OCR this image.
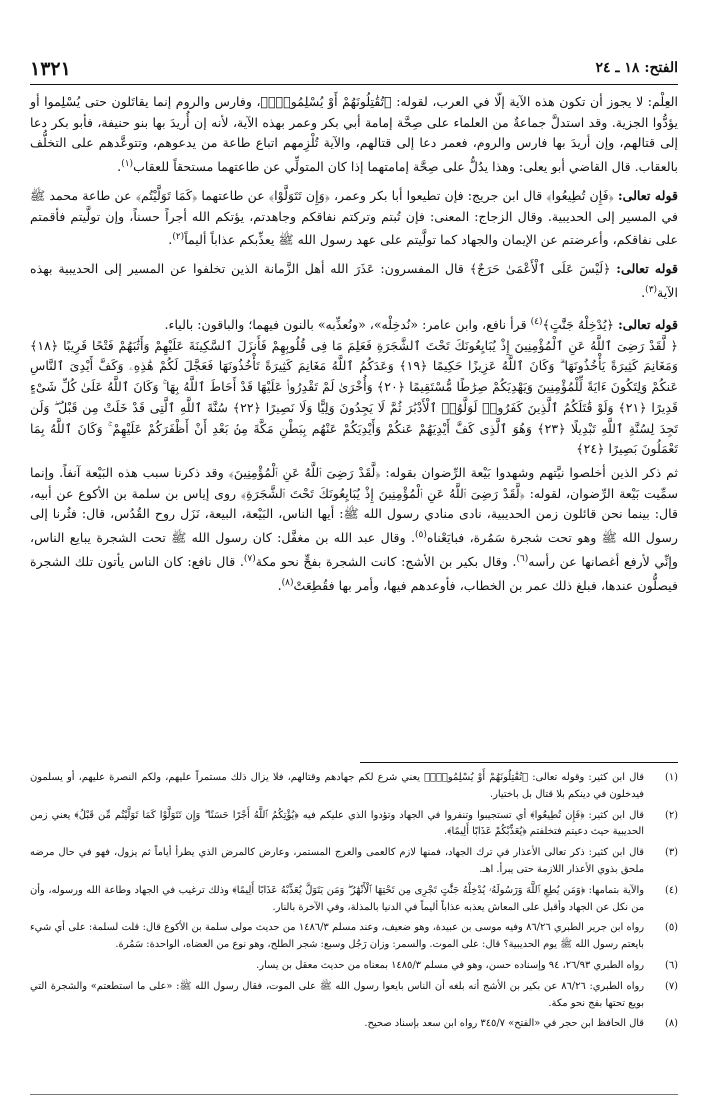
١٣٢١	الفتح: ١٨ ـ ٢٤

العِلْم: لا يجوز أن تكون هذه الآية إلّا في العرب، لقوله: ﴿تُقَٰتِلُونَهُمْ أَوْ يُسْلِمُونَۖ﴾، وفارس والروم إنما يقاتَلون حتى يُسْلِموا أو يؤدُّوا الجزية. وقد استدلَّ جماعةٌ من العلماء على صِحَّة إمامة أبي بكر وعمر بهذه الآية، لأنه إن أُريدَ بها بنو حنيفة، فأبو بكر دعا إلى قتالهم، وإن أريدَ بها فارس والروم، فعمر دعا إلى قتالهم، والآية تُلْزِمهم اتباع طاعة من يدعوهم، وتتوعَّدهم على التخلُّف بالعقاب. قال القاضي أبو يعلى: وهذا يدُلُّ على صِحَّة إمامتهما إذا كان المتولِّي عن طاعتهما مستحقاً للعقاب$^{(١)}$.

قوله تعالى: ﴿فَإِن تُطِيعُوا﴾ قال ابن جريج: فإن تطيعوا أبا بكر وعمر، ﴿وَإِن تَتَوَلَّوْا﴾ عن طاعتهما ﴿كَمَا تَوَلَّيْتُم﴾ عن طاعة محمد ﷺ في المسير إلى الحديبية. وقال الزجاج: المعنى: فإن تُبتم وتركتم نفاقكم وجاهدتم، يؤتكم الله أجراً حسناً، وإن تولَّيتم فأقمتم على نفاقكم، وأعرضتم عن الإيمان والجهاد كما تولَّيتم على عهد رسول الله ﷺ يعذِّبكم عذاباً أليماً$^{(٢)}$.

قوله تعالى: ﴿لَيْسَ عَلَى ٱلْأَعْمَىٰ حَرَجٌ﴾ قال المفسرون: عَذَرَ الله أهل الزَّمانة الذين تخلفوا عن المسير إلى الحديبية بهذه الآية$^{(٣)}$.

قوله تعالى: ﴿يُدْخِلْهُ جَنَّٰتٍ﴾$^{(٤)}$ قرأ نافع، وابن عامر: «نُدخِلْه»، «ونُعذِّبه» بالنون فيهما؛ والباقون: بالياء.

﴿ لَّقَدْ رَضِىَ ٱللَّهُ عَنِ ٱلْمُؤْمِنِينَ إِذْ يُبَايِعُونَكَ تَحْتَ ٱلشَّجَرَةِ فَعَلِمَ مَا فِى قُلُوبِهِمْ فَأَنزَلَ ٱلسَّكِينَةَ عَلَيْهِمْ وَأَثَٰبَهُمْ فَتْحًا قَرِيبًا ﴿١٨﴾ وَمَغَانِمَ كَثِيرَةً يَأْخُذُونَهَا ۗ وَكَانَ ٱللَّهُ عَزِيزًا حَكِيمًا ﴿١٩﴾ وَعَدَكُمُ ٱللَّهُ مَغَانِمَ كَثِيرَةً تَأْخُذُونَهَا فَعَجَّلَ لَكُمْ هَٰذِهِۦ وَكَفَّ أَيْدِىَ ٱلنَّاسِ عَنكُمْ وَلِتَكُونَ ءَايَةً لِّلْمُؤْمِنِينَ وَيَهْدِيَكُمْ صِرَٰطًا مُّسْتَقِيمًا ﴿٢٠﴾ وَأُخْرَىٰ لَمْ تَقْدِرُوا۟ عَلَيْهَا قَدْ أَحَاطَ ٱللَّهُ بِهَا ۚ وَكَانَ ٱللَّهُ عَلَىٰ كُلِّ شَىْءٍ قَدِيرًا ﴿٢١﴾ وَلَوْ قَٰتَلَكُمُ ٱلَّذِينَ كَفَرُوا۟ لَوَلَّوُا۟ ٱلْأَدْبَٰرَ ثُمَّ لَا يَجِدُونَ وَلِيًّا وَلَا نَصِيرًا ﴿٢٢﴾ سُنَّةَ ٱللَّهِ ٱلَّتِى قَدْ خَلَتْ مِن قَبْلُ ۖ وَلَن تَجِدَ لِسُنَّةِ ٱللَّهِ تَبْدِيلًا ﴿٢٣﴾ وَهُوَ ٱلَّذِى كَفَّ أَيْدِيَهُمْ عَنكُمْ وَأَيْدِيَكُمْ عَنْهُم بِبَطْنِ مَكَّةَ مِنۢ بَعْدِ أَنْ أَظْفَرَكُمْ عَلَيْهِمْ ۚ وَكَانَ ٱللَّهُ بِمَا تَعْمَلُونَ بَصِيرًا ﴿٢٤﴾

ثم ذكر الذين أخلصوا نيَّتهم وشهدوا بَيْعة الرِّضوان بقوله: ﴿لَّقَدْ رَضِىَ ٱللَّهُ عَنِ ٱلْمُؤْمِنِينَ﴾ وقد ذكرنا سبب هذه البَيْعة آنفاً. وإنما سمِّيت بَيْعة الرِّضوان، لقوله: ﴿لَّقَدْ رَضِىَ ٱللَّهُ عَنِ ٱلْمُؤْمِنِينَ إِذْ يُبَايِعُونَكَ تَحْتَ ٱلشَّجَرَةِ﴾ روى إياس بن سلمة بن الأكوع عن أبيه، قال: بينما نحن قائلون زمن الحديبية، نادى منادي رسول الله ﷺ: أيها الناس، البَيْعة، البيعة، نَزَل روح القُدُس، قال: فثُرنا إلى رسول الله ﷺ وهو تحت شجرة سَمُرة، فبايَعْناه$^{(٥)}$. وقال عبد الله بن مغفَّل: كان رسول الله ﷺ تحت الشجرة يبايع الناس، وإنِّي لأرفع أغصانها عن رأسه$^{(٦)}$. وقال بكير بن الأشج: كانت الشجرة بفجٍّ نحو مكة$^{(٧)}$. قال نافع: كان الناس يأتون تلك الشجرة فيصلُّون عندها، فبلغ ذلك عمر بن الخطاب، فأوعدهم فيها، وأمر بها فقُطِعَتْ$^{(٨)}$.

(١)
قال ابن كثير: وقوله تعالى: ﴿تُقَٰتِلُونَهُمْ أَوْ يُسْلِمُونَۖ﴾ يعني شرع لكم جهادهم وقتالهم، فلا يزال ذلك مستمراً عليهم، ولكم النصرة عليهم، أو يسلمون فيدخلون في دينكم بلا قتال بل باختيار.
(٢)
قال ابن كثير: ﴿فَإِن تُطِيعُوا﴾ أي تستجيبوا وتنفروا في الجهاد وتؤدوا الذي عليكم فيه ﴿يُؤْتِكُمُ ٱللَّهُ أَجْرًا حَسَنًا ۖ وَإِن تَتَوَلَّوْا كَمَا تَوَلَّيْتُم مِّن قَبْلُ﴾ يعني زمن الحديبية حيث دعيتم فتخلفتم ﴿يُعَذِّبْكُمْ عَذَابًا أَلِيمًا﴾.
(٣)
قال ابن كثير: ذكر تعالى الأعذار في ترك الجهاد، فمنها لازم كالعمى والعرج المستمر، وعارض كالمرض الذي يطرأ أياماً ثم يزول، فهو في حال مرضه ملحق بذوي الأعذار اللازمة حتى يبرأ. اهـ.
(٤)
والآية بتمامها: ﴿وَمَن يُطِعِ ٱللَّهَ وَرَسُولَهُۥ يُدْخِلْهُ جَنَّٰتٍ تَجْرِى مِن تَحْتِهَا ٱلْأَنْهَٰرُ ۖ وَمَن يَتَوَلَّ يُعَذِّبْهُ عَذَابًا أَلِيمًا﴾ وذلك ترغيب في الجهاد وطاعة الله ورسوله، وأن من نكل عن الجهاد وأقبل على المعاش يعذبه عذاباً أليماً في الدنيا بالمذلة، وفي الآخرة بالنار.
(٥)
رواه ابن جرير الطبري ٨٦/٢٦ وفيه موسى بن عبيدة، وهو ضعيف، وعند مسلم ١٤٨٦/٣ من حديث مولى سلمة بن الأكوع قال: قلت لسلمة: على أي شيء بايعتم رسول الله ﷺ يوم الحديبية؟ قال: على الموت. والسمر: وزان رَجُل وسبع: شجر الطلح، وهو نوع من العضاه، الواحدة: سَمُرة.
(٦)
رواه الطبري ٢٦/٩٣، ٩٤ وإسناده حسن، وهو في مسلم ١٤٨٥/٣ بمعناه من حديث معقل بن يسار.
(٧)
رواه الطبري: ٨٦/٢٦ عن بكير بن الأشج أنه بلغه أن الناس بايعوا رسول الله ﷺ على الموت، فقال رسول الله ﷺ: «على ما استطعتم» والشجرة التي بويع تحتها بفج نحو مكة.
(٨)
قال الحافظ ابن حجر في «الفتح» ٣٤٥/٧ رواه ابن سعد بإسناد صحيح.
